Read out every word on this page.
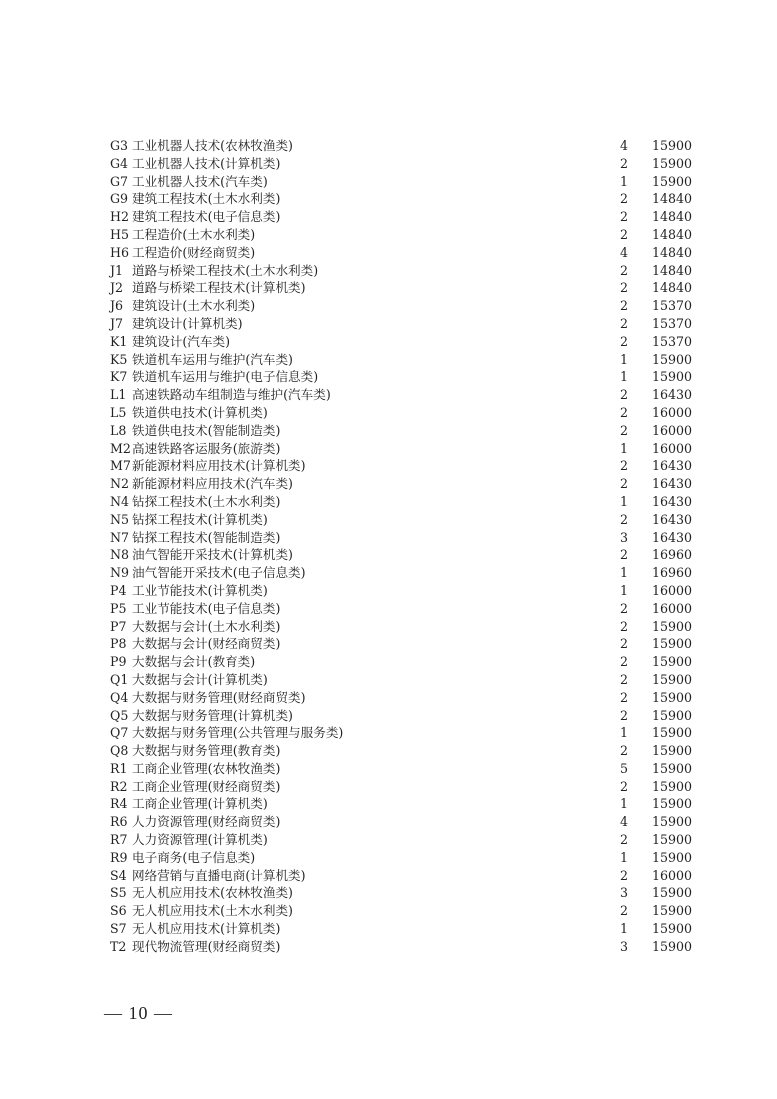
G3 工业机器人技术(农林牧渔类)	4	15900
G4 工业机器人技术(计算机类)	2	15900
G7 工业机器人技术(汽车类)	1	15900
G9 建筑工程技术(土木水利类)	2	14840
H2 建筑工程技术(电子信息类)	2	14840
H5 工程造价(土木水利类)	2	14840
H6 工程造价(财经商贸类)	4	14840
J1 道路与桥梁工程技术(土木水利类)	2	14840
J2 道路与桥梁工程技术(计算机类)	2	14840
J6 建筑设计(土木水利类)	2	15370
J7 建筑设计(计算机类)	2	15370
K1 建筑设计(汽车类)	2	15370
K5 铁道机车运用与维护(汽车类)	1	15900
K7 铁道机车运用与维护(电子信息类)	1	15900
L1 高速铁路动车组制造与维护(汽车类)	2	16430
L5 铁道供电技术(计算机类)	2	16000
L8 铁道供电技术(智能制造类)	2	16000
M2 高速铁路客运服务(旅游类)	1	16000
M7 新能源材料应用技术(计算机类)	2	16430
N2 新能源材料应用技术(汽车类)	2	16430
N4 钻探工程技术(土木水利类)	1	16430
N5 钻探工程技术(计算机类)	2	16430
N7 钻探工程技术(智能制造类)	3	16430
N8 油气智能开采技术(计算机类)	2	16960
N9 油气智能开采技术(电子信息类)	1	16960
P4 工业节能技术(计算机类)	1	16000
P5 工业节能技术(电子信息类)	2	16000
P7 大数据与会计(土木水利类)	2	15900
P8 大数据与会计(财经商贸类)	2	15900
P9 大数据与会计(教育类)	2	15900
Q1 大数据与会计(计算机类)	2	15900
Q4 大数据与财务管理(财经商贸类)	2	15900
Q5 大数据与财务管理(计算机类)	2	15900
Q7 大数据与财务管理(公共管理与服务类)	1	15900
Q8 大数据与财务管理(教育类)	2	15900
R1 工商企业管理(农林牧渔类)	5	15900
R2 工商企业管理(财经商贸类)	2	15900
R4 工商企业管理(计算机类)	1	15900
R6 人力资源管理(财经商贸类)	4	15900
R7 人力资源管理(计算机类)	2	15900
R9 电子商务(电子信息类)	1	15900
S4 网络营销与直播电商(计算机类)	2	16000
S5 无人机应用技术(农林牧渔类)	3	15900
S6 无人机应用技术(土木水利类)	2	15900
S7 无人机应用技术(计算机类)	1	15900
T2 现代物流管理(财经商贸类)	3	15900
— 10 —
